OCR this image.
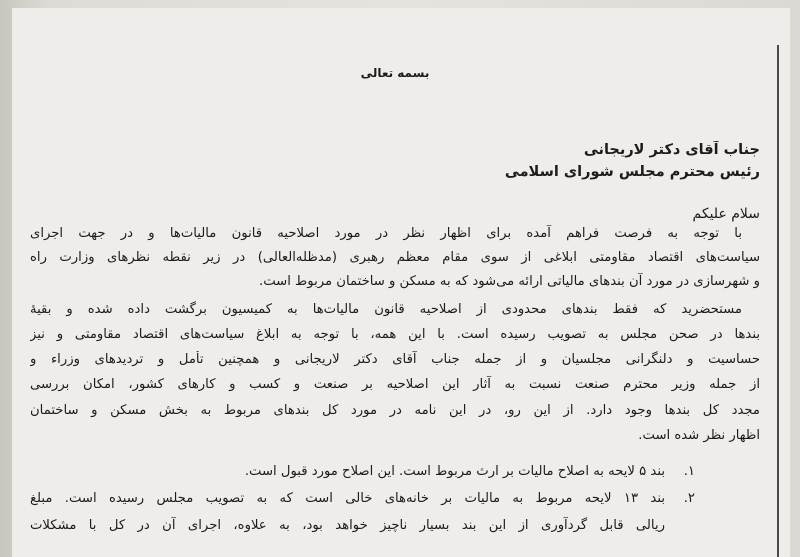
بسمه تعالی
جناب آقای دکتر لاریجانی
رئیس محترم مجلس شورای اسلامی
سلام علیکم
با توجه به فرصت فراهم آمده برای اظهار نظر در مورد اصلاحیه قانون مالیات‌ها و در جهت اجرای
سیاست‌های اقتصاد مقاومتی ابلاغی از سوی مقام معظم رهبری (مدظله‌العالی) در زیر نقطه نظرهای وزارت راه
و شهرسازی در مورد آن بندهای مالیاتی ارائه می‌شود که به مسکن و ساختمان مربوط است.
مستحضرید که فقط بندهای محدودی از اصلاحیه قانون مالیات‌ها به کمیسیون برگشت داده شده و بقیهٔ
بندها در صحن مجلس به تصویب رسیده است. با این همه، با توجه به ابلاغ سیاست‌های اقتصاد مقاومتی و نیز
حساسیت و دلنگرانی مجلسیان و از جمله جناب آقای دکتر لاریجانی و همچنین تأمل و تردیدهای وزراء و
از جمله وزیر محترم صنعت نسبت به آثار این اصلاحیه بر صنعت و کسب و کارهای کشور، امکان بررسی
مجدد کل بندها وجود دارد. از این رو، در این نامه در مورد کل بندهای مربوط به بخش مسکن و ساختمان
اظهار نظر شده است.
۱.
بند ۵ لایحه به اصلاح مالیات بر ارث مربوط است. این اصلاح مورد قبول است.
۲.
بند ۱۳ لایحه مربوط به مالیات بر خانه‌های خالی است که به تصویب مجلس رسیده است. مبلغ
ریالی قابل گردآوری از این بند بسیار ناچیز خواهد بود، به علاوه، اجرای آن در کل با مشکلات
